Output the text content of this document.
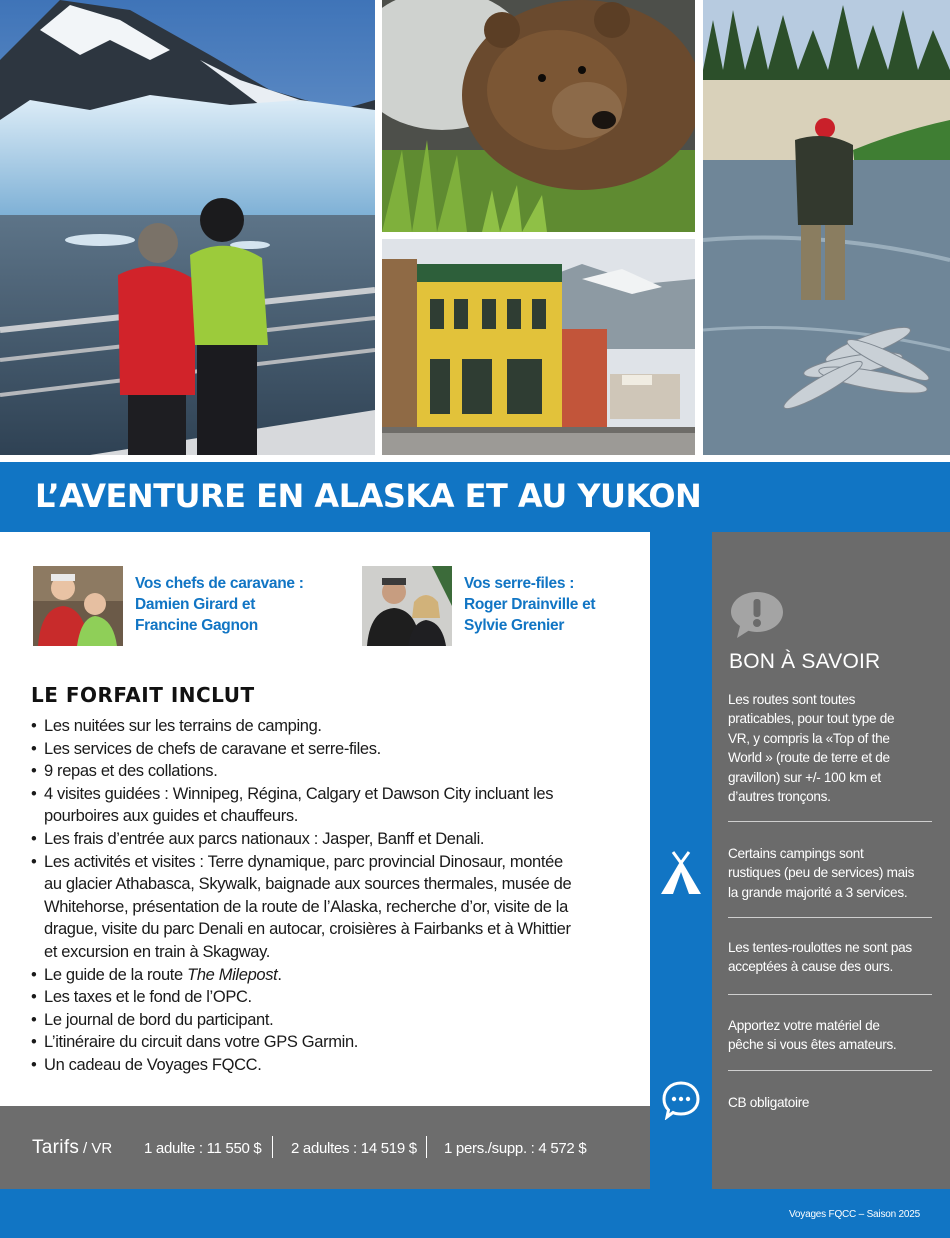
L’AVENTURE EN ALASKA ET AU YUKON
Vos chefs de caravane :
Damien Girard et
Francine Gagnon
Vos serre-files :
Roger Drainville et
Sylvie Grenier
LE FORFAIT INCLUT
• Les nuitées sur les terrains de camping.
• Les services de chefs de caravane et serre-files.
• 9 repas et des collations.
• 4 visites guidées : Winnipeg, Régina, Calgary et Dawson City incluant les
pourboires aux guides et chauffeurs.
• Les frais d’entrée aux parcs nationaux : Jasper, Banff et Denali.
• Les activités et visites : Terre dynamique, parc provincial Dinosaur, montée
au glacier Athabasca, Skywalk, baignade aux sources thermales, musée de
Whitehorse, présentation de la route de l’Alaska, recherche d’or, visite de la
drague, visite du parc Denali en autocar, croisières à Fairbanks et à Whittier
et excursion en train à Skagway.
• Le guide de la route The Milepost.
• Les taxes et le fond de l’OPC.
• Le journal de bord du participant.
• L’itinéraire du circuit dans votre GPS Garmin.
• Un cadeau de Voyages FQCC.
Tarifs / VR 1 adulte : 11 550 $ 2 adultes : 14 519 $ 1 pers./supp. : 4 572 $
BON À SAVOIR
Les routes sont toutes
praticables, pour tout type de
VR, y compris la «Top of the
World » (route de terre et de
gravillon) sur +/- 100 km et
d’autres tronçons.
Certains campings sont
rustiques (peu de services) mais
la grande majorité a 3 services.
Les tentes-roulottes ne sont pas
acceptées à cause des ours.
Apportez votre matériel de
pêche si vous êtes amateurs.
CB obligatoire
Voyages FQCC – Saison 2025
